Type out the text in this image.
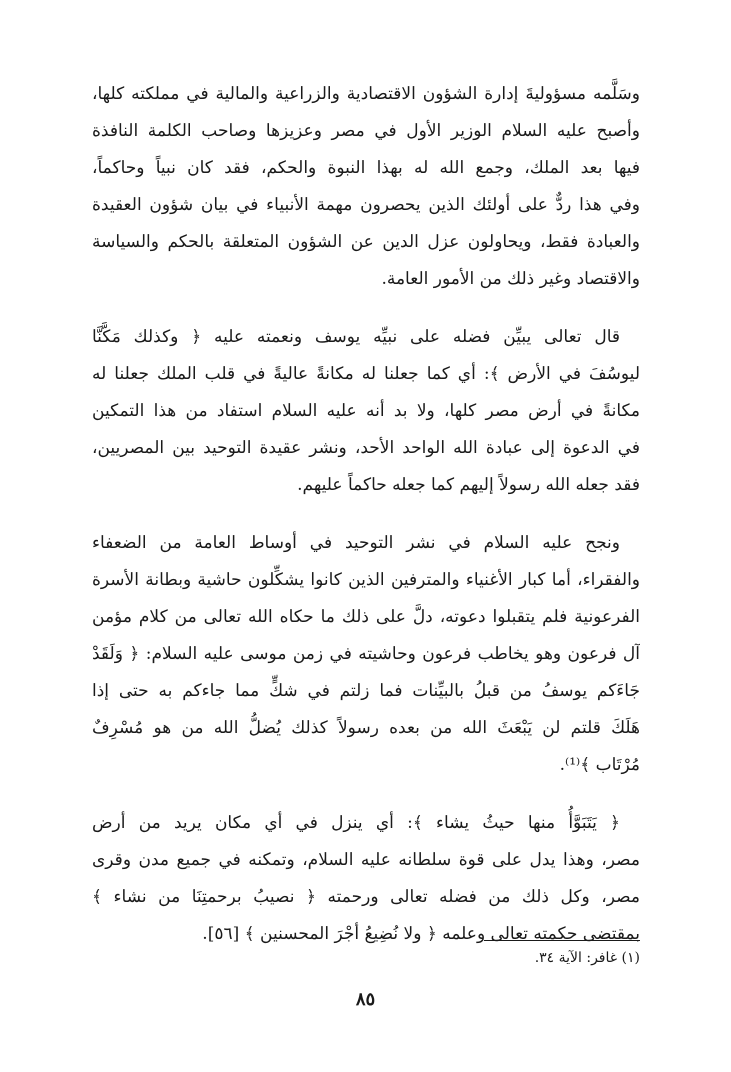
وسَلَّمه مسؤوليةَ إدارة الشؤون الاقتصادية والزراعية والمالية في مملكته كلها،
وأصبح عليه السلام الوزير الأول في مصر وعزيزها وصاحب الكلمة النافذة
فيها بعد الملك، وجمع الله له بهذا النبوة والحكم، فقد كان نبياً وحاكماً،
وفي هذا ردٌّ على أولئك الذين يحصرون مهمة الأنبياء في بيان شؤون العقيدة
والعبادة فقط، ويحاولون عزل الدين عن الشؤون المتعلقة بالحكم والسياسة
والاقتصاد وغير ذلك من الأمور العامة.
قال تعالى يبيِّن فضله على نبيِّه يوسف ونعمته عليه ﴿ وكذلك مَكَّنَّا
ليوسُفَ في الأرض ﴾: أي كما جعلنا له مكانةً عاليةً في قلب الملك جعلنا له
مكانةً في أرض مصر كلها، ولا بد أنه عليه السلام استفاد من هذا التمكين
في الدعوة إلى عبادة الله الواحد الأحد، ونشر عقيدة التوحيد بين المصريين،
فقد جعله الله رسولاً إليهم كما جعله حاكماً عليهم.
ونجح عليه السلام في نشر التوحيد في أوساط العامة من الضعفاء
والفقراء، أما كبار الأغنياء والمترفين الذين كانوا يشكِّلون حاشية وبطانة الأسرة
الفرعونية فلم يتقبلوا دعوته، دلَّ على ذلك ما حكاه الله تعالى من كلام مؤمن
آل فرعون وهو يخاطب فرعون وحاشيته في زمن موسى عليه السلام: ﴿ وَلَقَدْ
جَاءَكم يوسفُ من قبلُ بالبيِّنات فما زلتم في شكٍّ مما جاءكم به حتى إذا
هَلَكَ قلتم لن يَبْعَثَ الله من بعده رسولاً كذلك يُضلُّ الله من هو مُسْرِفٌ
مُرْتَاب ﴾⁽¹⁾.
﴿ يَتَبَوَّأُ منها حيثُ يشاء ﴾: أي ينزل في أي مكان يريد من أرض
مصر، وهذا يدل على قوة سلطانه عليه السلام، وتمكنه في جميع مدن وقرى
مصر، وكل ذلك من فضله تعالى ورحمته ﴿ نصيبُ برحمتِنَا من نشاء ﴾
بمقتضى حكمته تعالى وعلمه ﴿ ولا نُضِيعُ أجْرَ المحسنين ﴾ [٥٦].
(١) غافر: الآية ٣٤.
٨٥
